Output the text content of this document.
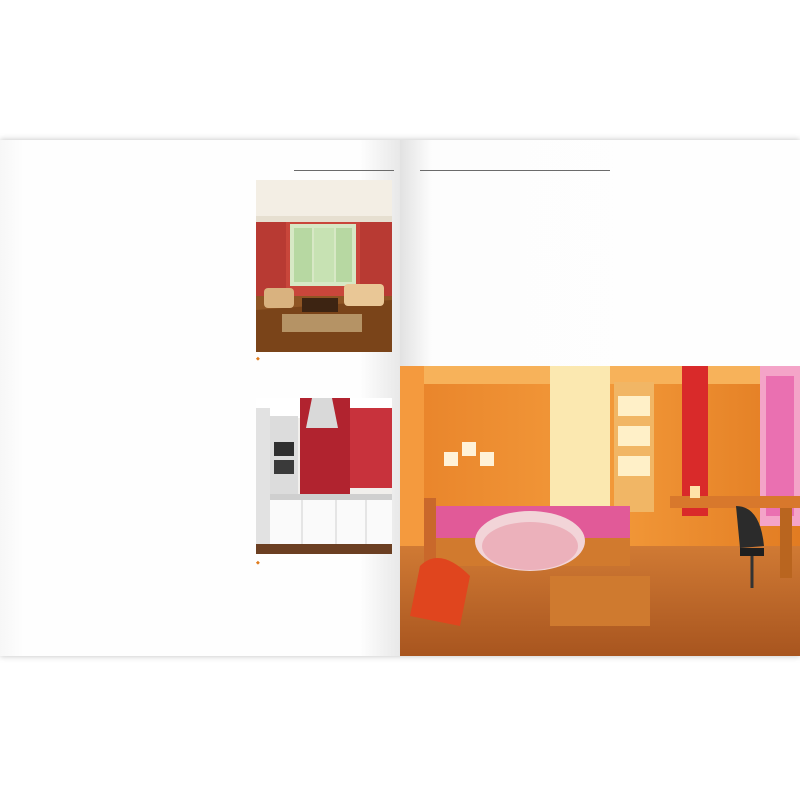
◆
◆
